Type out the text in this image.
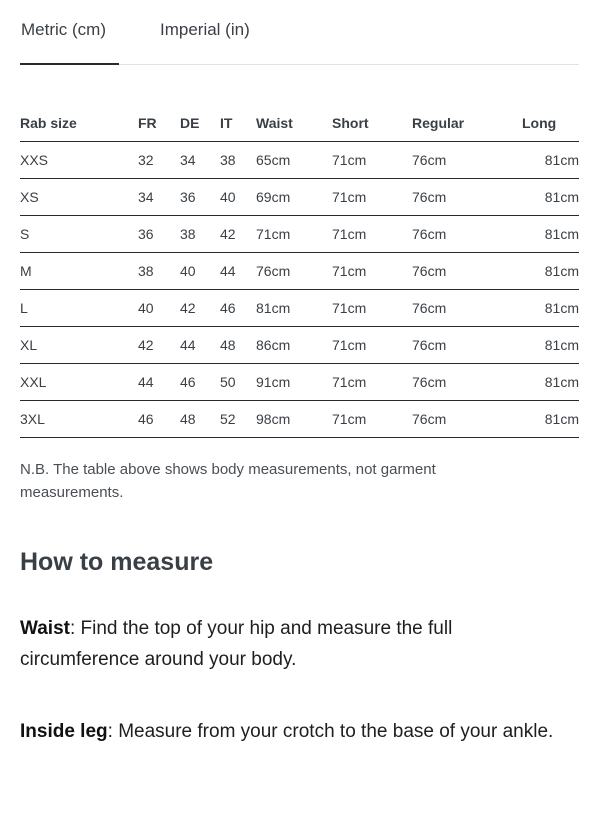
Metric (cm)	Imperial (in)
Rab size	FR	DE	IT	Waist	Short	Regular	Long
XXS	32	34	38	65cm	71cm	76cm	81cm
XS	34	36	40	69cm	71cm	76cm	81cm
S	36	38	42	71cm	71cm	76cm	81cm
M	38	40	44	76cm	71cm	76cm	81cm
L	40	42	46	81cm	71cm	76cm	81cm
XL	42	44	48	86cm	71cm	76cm	81cm
XXL	44	46	50	91cm	71cm	76cm	81cm
3XL	46	48	52	98cm	71cm	76cm	81cm
N.B. The table above shows body measurements, not garment measurements.
How to measure

Waist: Find the top of your hip and measure the full circumference around your body.

Inside leg: Measure from your crotch to the base of your ankle.
